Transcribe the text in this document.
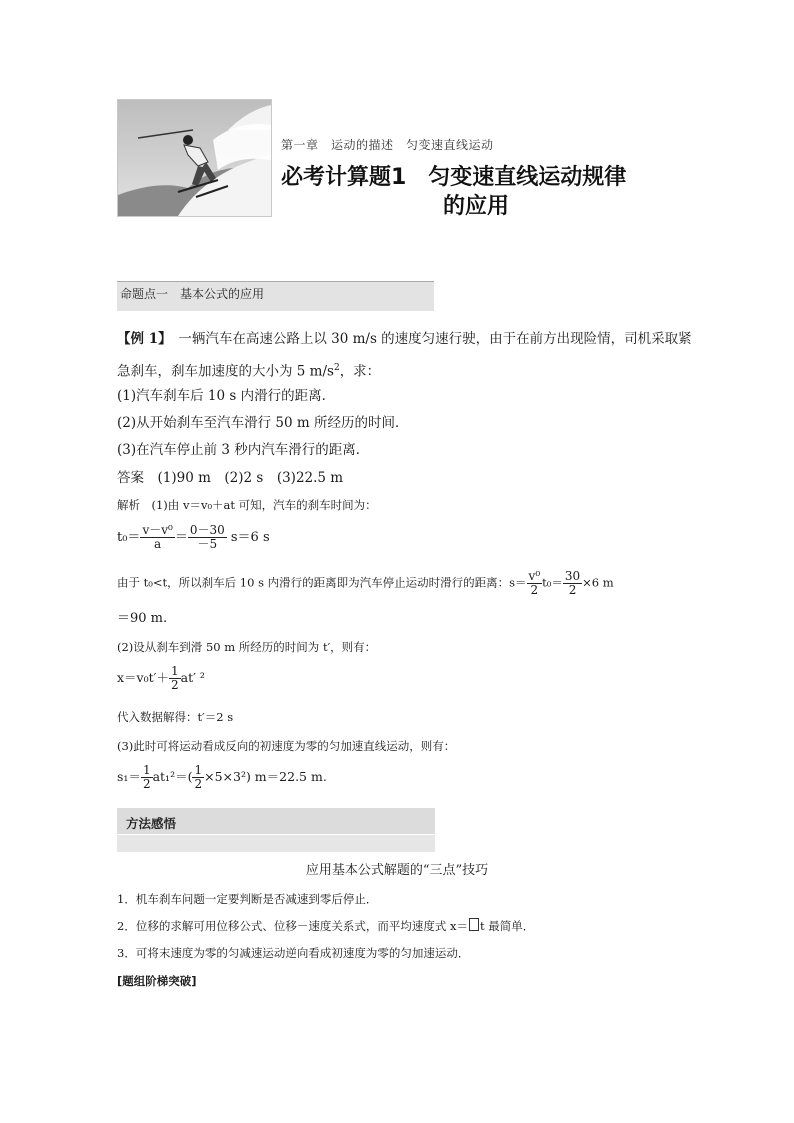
第一章　运动的描述　匀变速直线运动
必考计算题1　匀变速直线运动规律
的应用
命题点一　基本公式的应用
【例 1】　一辆汽车在高速公路上以 30 m/s 的速度匀速行驶，由于在前方出现险情，司机采取紧
急刹车，刹车加速度的大小为 5 $m/s^2$，求：
(1)汽车刹车后 10 s 内滑行的距离．
(2)从开始刹车至汽车滑行 50 m 所经历的时间．
(3)在汽车停止前 3 秒内汽车滑行的距离．
答案　(1)90 m　(2)2 s　(3)22.5 m
解析　(1)由 v＝v₀＋at 可知，汽车的刹车时间为：
$t_0= \frac{\text{v－v⁰}}{a} = \frac{0-30}{-5} s=6$ s
由于 t₀<t，所以刹车后 10 s 内滑行的距离即为汽车停止运动时滑行的距离：$s= \frac{\text{v⁰}}{2} t_0= \frac{30}{2} \times 6$ m
＝90 m.
(2)设从刹车到滑 50 m 所经历的时间为 t′，则有：
$x=v_0t'+ \frac{1}{2} at'$ ²
代入数据解得：t′＝2 s
(3)此时可将运动看成反向的初速度为零的匀加速直线运动，则有：
$s_1= \frac{1}{2} at_1^2=( \frac{1}{2} \times 5\times 3^2)$ m＝22.5 m.
方法感悟
应用基本公式解题的“三点”技巧
1．机车刹车问题一定要判断是否减速到零后停止．
2．位移的求解可用位移公式、位移－速度关系式，而平均速度式 x＝ t 最简单．
3．可将末速度为零的匀减速运动逆向看成初速度为零的匀加速运动．
[题组阶梯突破]
